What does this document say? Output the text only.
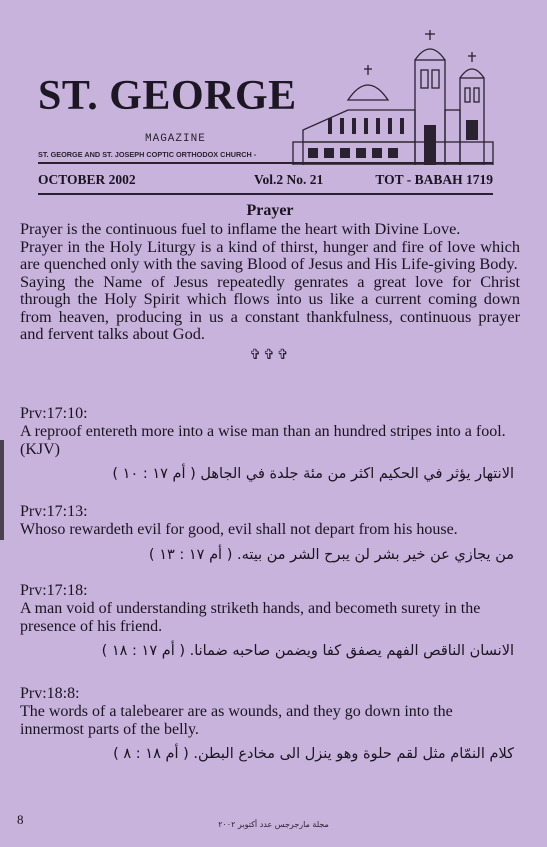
ST. GEORGE
MAGAZINE
ST. GEORGE AND ST. JOSEPH COPTIC ORTHODOX CHURCH -
OCTOBER 2002	Vol.2 No. 21	TOT - BABAH 1719
Prayer

Prayer is the continuous fuel to inflame the heart with Divine Love.

Prayer in the Holy Liturgy is a kind of thirst, hunger and fire of love which are quenched only with the saving Blood of Jesus and His Life-giving Body.

Saying the Name of Jesus repeatedly genrates a great love for Christ through the Holy Spirit which flows into us like a current coming down from heaven, producing in us a constant thankfulness, continuous prayer and fervent talks about God.

✞✞✞
Prv:17:10:

A reproof entereth more into a wise man than an hundred stripes into a fool. (KJV)

الانتهار يؤثر في الحكيم اكثر من مئة جلدة في الجاهل ( أم ١٧ : ١٠ )

Prv:17:13:

Whoso rewardeth evil for good, evil shall not depart from his house.

من يجازي عن خير بشر لن يبرح الشر من بيته. ( أم ١٧ : ١٣ )

Prv:17:18:

A man void of understanding striketh hands, and becometh surety in the presence of his friend.

الانسان الناقص الفهم يصفق كفا ويضمن صاحبه ضمانا. ( أم ١٧ : ١٨ )

Prv:18:8:

The words of a talebearer are as wounds, and they go down into the innermost parts of the belly.

كلام النمّام مثل لقم حلوة وهو ينزل الى مخادع البطن. ( أم ١٨ : ٨ )

8	مجلة مارجرجس عدد أكتوبر ٢٠٠٢
